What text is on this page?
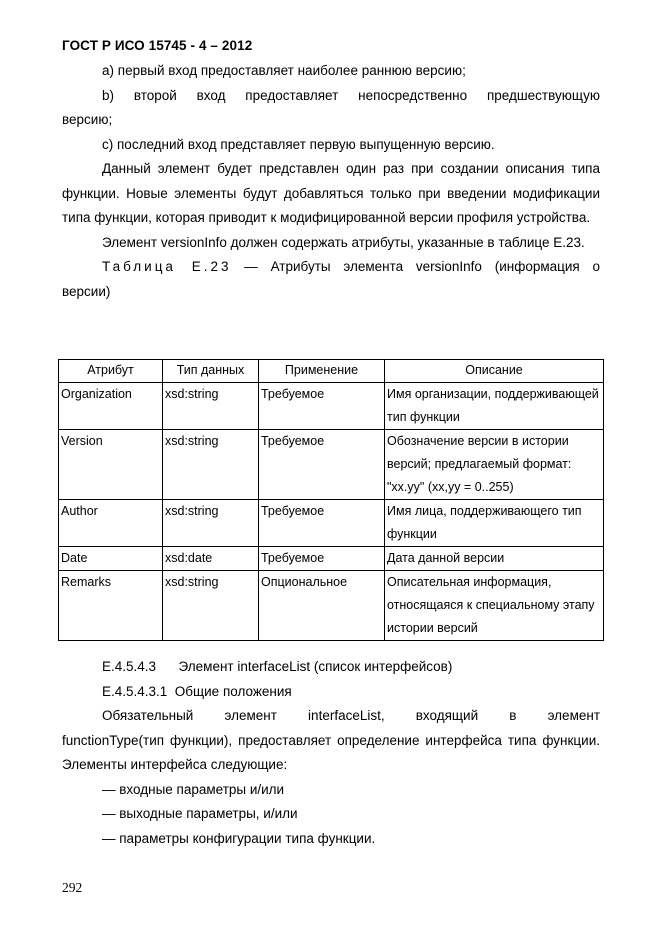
ГОСТ Р ИСО 15745 - 4 – 2012

а) первый вход предоставляет наиболее раннюю версию;

b) второй вход предоставляет непосредственно предшествующую

версию;

c) последний вход представляет первую выпущенную версию.

Данный элемент будет представлен один раз при создании описания типа функции. Новые элементы будут добавляться только при введении модификации типа функции, которая приводит к модифицированной версии профиля устройства.

Элемент versionInfo должен содержать атрибуты, указанные в таблице Е.23.

Таблица Е.23 — Атрибуты элемента versionInfo (информация о

версии)

Атрибут	Тип данных	Применение	Описание
Organization	xsd:string	Требуемое	Имя организации, поддерживающей тип функции
Version	xsd:string	Требуемое	Обозначение версии в истории версий; предлагаемый формат: "xx.yy" (xx,yy = 0..255)
Author	xsd:string	Требуемое	Имя лица, поддерживающего тип функции
Date	xsd:date	Требуемое	Дата данной версии
Remarks	xsd:string	Опциональное	Описательная информация, относящаяся к специальному этапу истории версий

Е.4.5.4.3      Элемент interfaceList (список интерфейсов)

Е.4.5.4.3.1  Общие положения

Обязательный элемент interfaceList, входящий в элемент

functionType(тип функции), предоставляет определение интерфейса типа функции. Элементы интерфейса следующие:

— входные параметры и/или

— выходные параметры, и/или

— параметры конфигурации типа функции.

292
